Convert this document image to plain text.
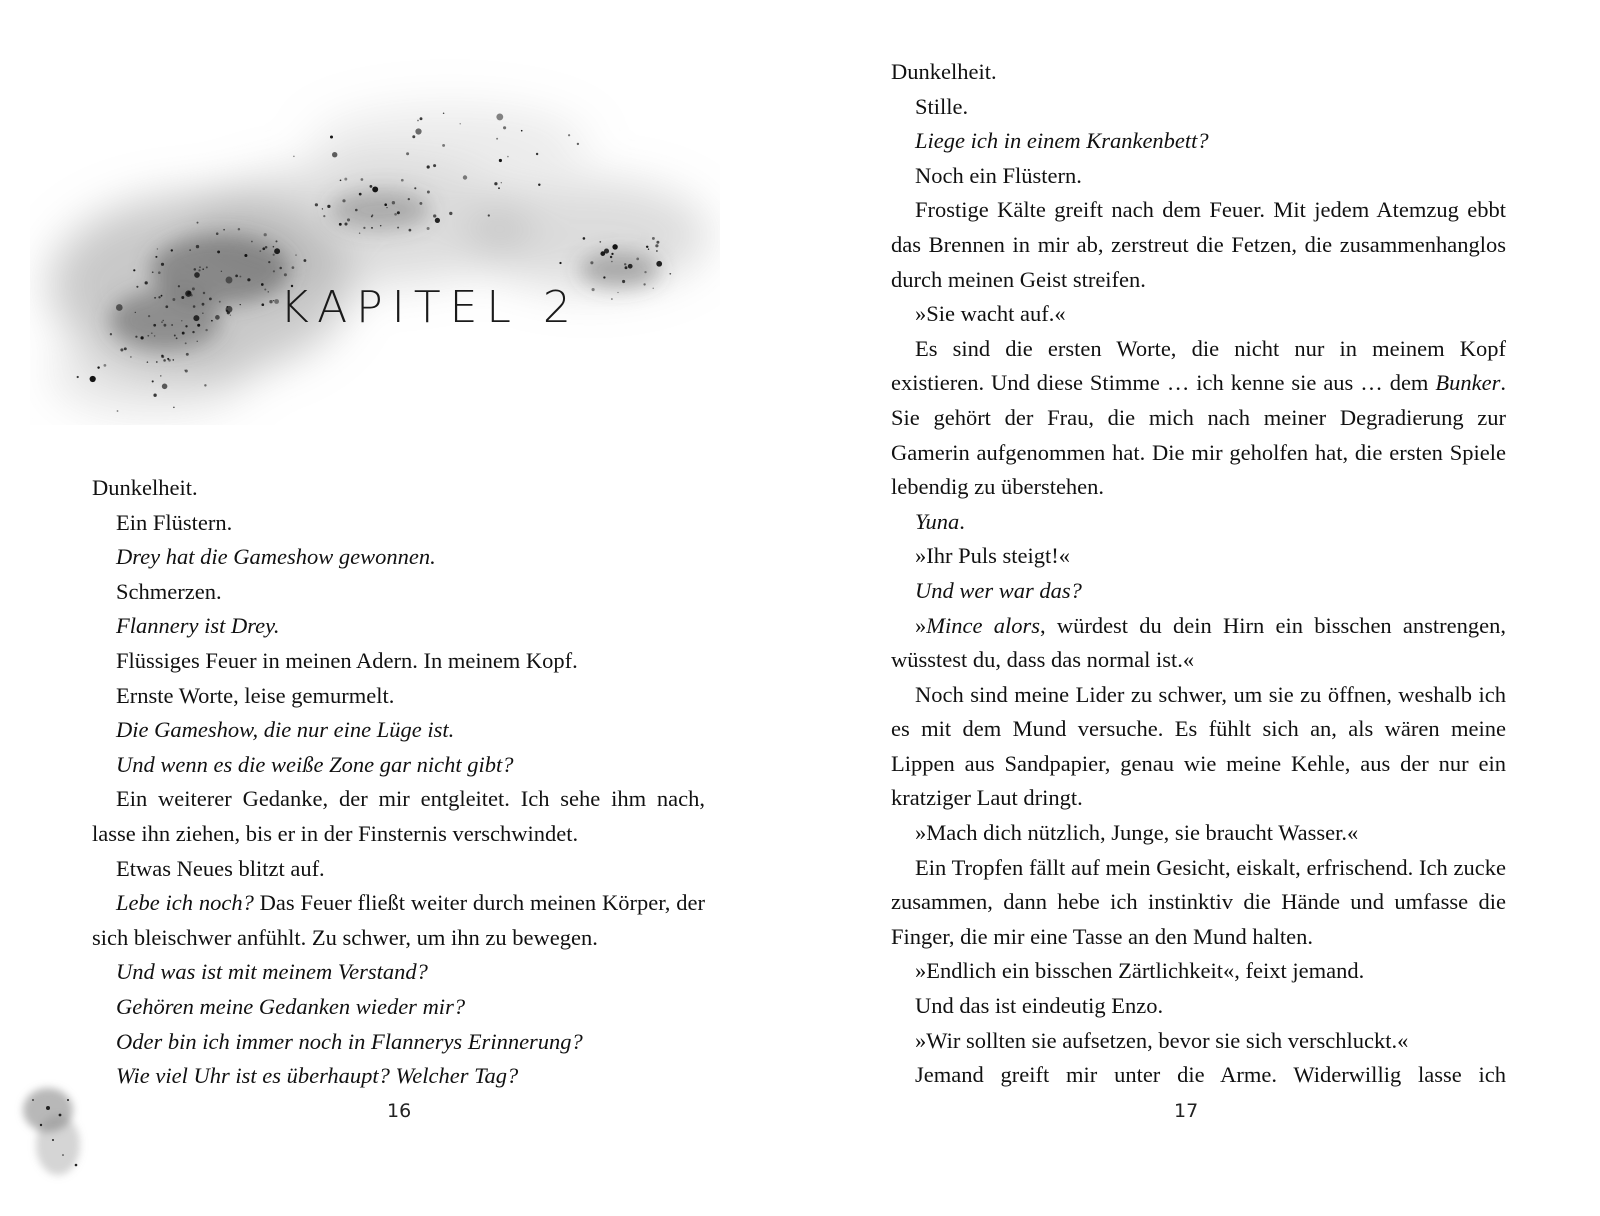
KAPITEL 2

Dunkelheit.

Ein Flüstern.

Drey hat die Gameshow gewonnen.

Schmerzen.

Flannery ist Drey.

Flüssiges Feuer in meinen Adern. In meinem Kopf.

Ernste Worte, leise gemurmelt.

Die Gameshow, die nur eine Lüge ist.

Und wenn es die weiße Zone gar nicht gibt?

Ein weiterer Gedanke, der mir entgleitet. Ich sehe ihm nach, lasse ihn ziehen, bis er in der Finsternis verschwindet.

Etwas Neues blitzt auf.

Lebe ich noch? Das Feuer fließt weiter durch meinen Körper, der sich bleischwer anfühlt. Zu schwer, um ihn zu bewegen.

Und was ist mit meinem Verstand?

Gehören meine Gedanken wieder mir?

Oder bin ich immer noch in Flannerys Erinnerung?

Wie viel Uhr ist es überhaupt? Welcher Tag?

16

Dunkelheit.

Stille.

Liege ich in einem Krankenbett?

Noch ein Flüstern.

Frostige Kälte greift nach dem Feuer. Mit jedem Atemzug ebbt das Brennen in mir ab, zerstreut die Fetzen, die zusammenhanglos durch meinen Geist streifen.

»Sie wacht auf.«

Es sind die ersten Worte, die nicht nur in meinem Kopf existieren. Und diese Stimme … ich kenne sie aus … dem Bunker. Sie gehört der Frau, die mich nach meiner Degradierung zur Gamerin aufgenommen hat. Die mir geholfen hat, die ersten Spiele lebendig zu überstehen.

Yuna.

»Ihr Puls steigt!«

Und wer war das?

»Mince alors, würdest du dein Hirn ein bisschen anstrengen, wüsstest du, dass das normal ist.«

Noch sind meine Lider zu schwer, um sie zu öffnen, weshalb ich es mit dem Mund versuche. Es fühlt sich an, als wären meine Lippen aus Sandpapier, genau wie meine Kehle, aus der nur ein kratziger Laut dringt.

»Mach dich nützlich, Junge, sie braucht Wasser.«

Ein Tropfen fällt auf mein Gesicht, eiskalt, erfrischend. Ich zucke zusammen, dann hebe ich instinktiv die Hände und umfasse die Finger, die mir eine Tasse an den Mund halten.

»Endlich ein bisschen Zärtlichkeit«, feixt jemand.

Und das ist eindeutig Enzo.

»Wir sollten sie aufsetzen, bevor sie sich verschluckt.«

Jemand greift mir unter die Arme. Widerwillig lasse ich

17
